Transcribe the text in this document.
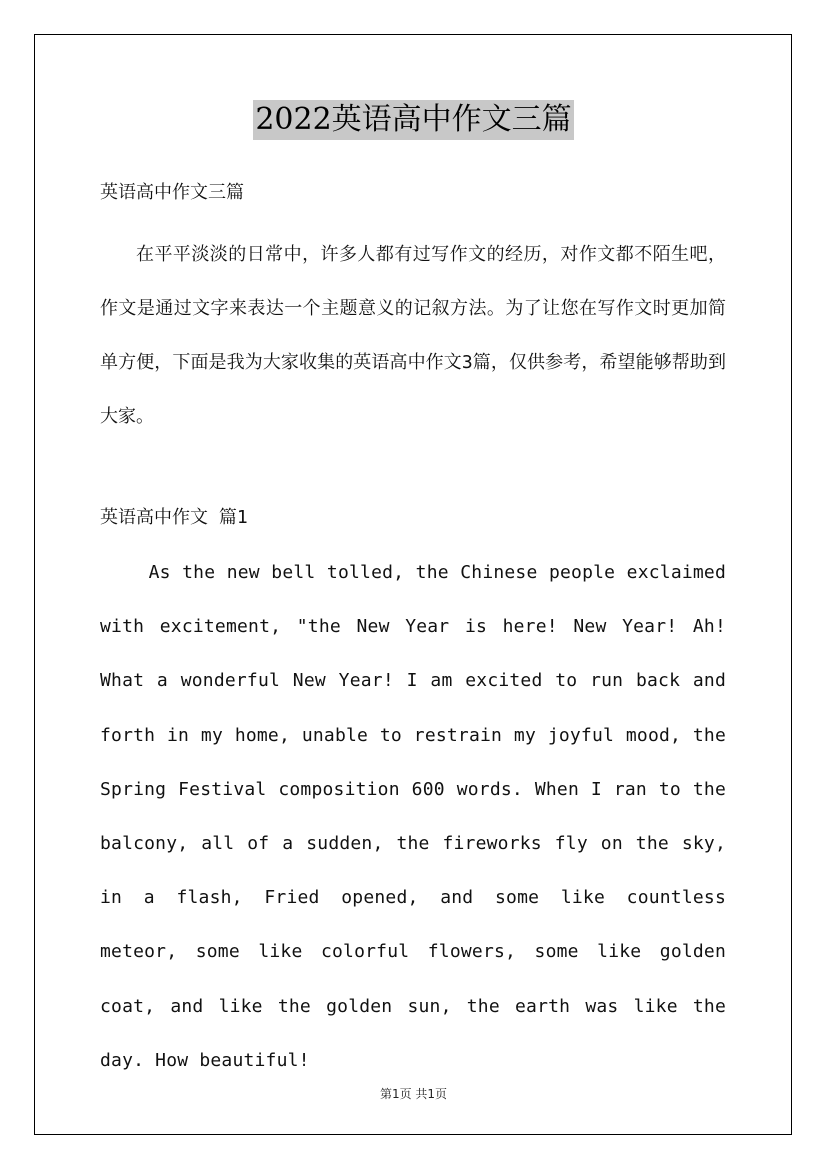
2022英语高中作文三篇

英语高中作文三篇

在平平淡淡的日常中，许多人都有过写作文的经历，对作文都不陌生吧，作文是通过文字来表达一个主题意义的记叙方法。为了让您在写作文时更加简单方便，下面是我为大家收集的英语高中作文3篇，仅供参考，希望能够帮助到大家。

英语高中作文 篇1

As the new bell tolled, the Chinese people exclaimed with excitement, "the New Year is here! New Year! Ah! What a wonderful New Year! I am excited to run back and forth in my home, unable to restrain my joyful mood, the Spring Festival composition 600 words. When I ran to the balcony, all of a sudden, the fireworks fly on the sky, in a flash, Fried opened, and some like countless meteor, some like colorful flowers, some like golden coat, and like the golden sun, the earth was like the day. How beautiful!

第1页 共1页
